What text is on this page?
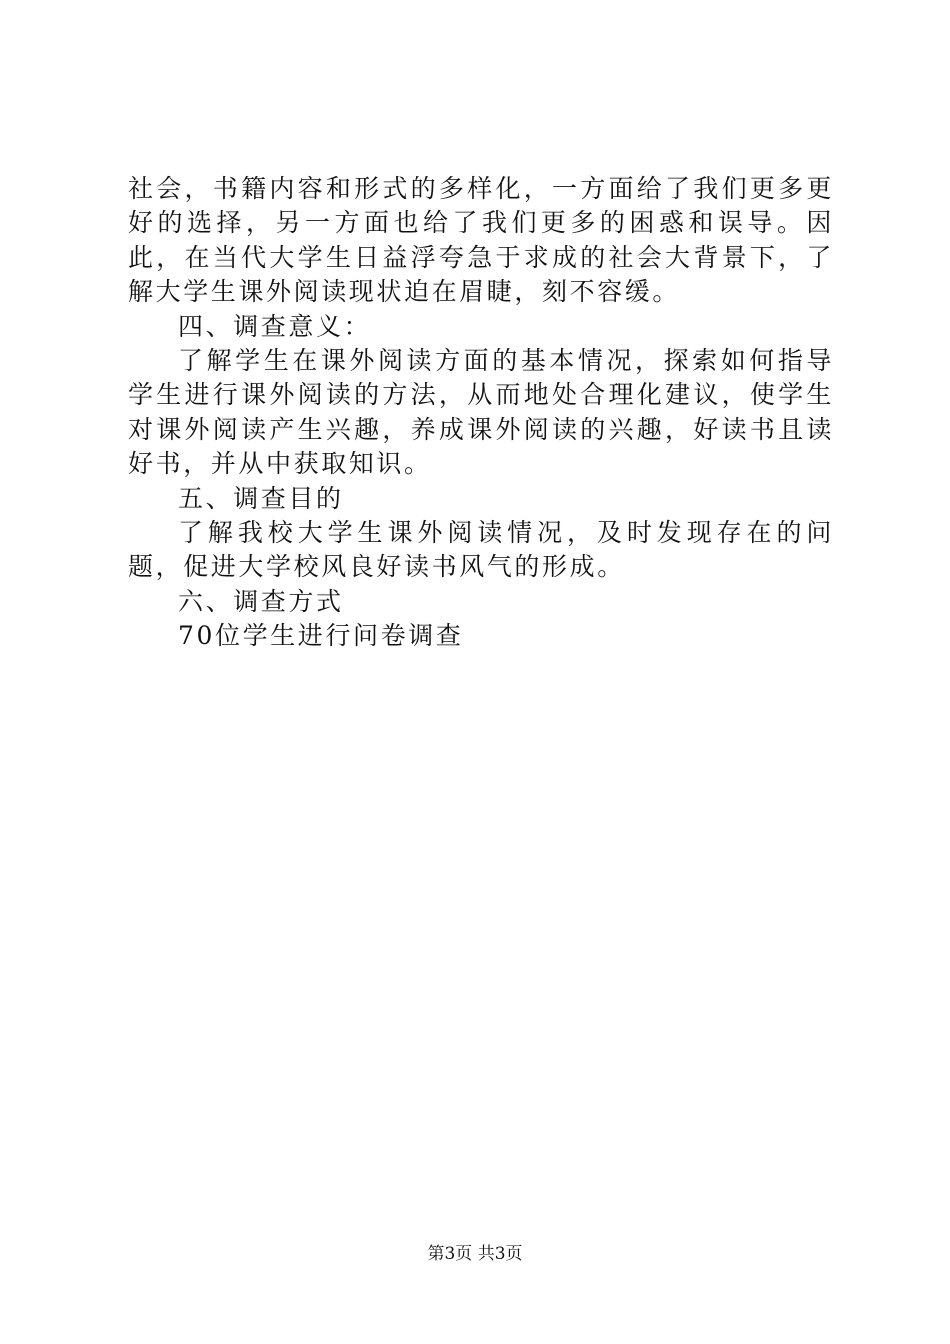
社会，书籍内容和形式的多样化，一方面给了我们更多更好的选择，另一方面也给了我们更多的困惑和误导。因此，在当代大学生日益浮夸急于求成的社会大背景下，了解大学生课外阅读现状迫在眉睫，刻不容缓。

四、调查意义：

了解学生在课外阅读方面的基本情况，探索如何指导学生进行课外阅读的方法，从而地处合理化建议，使学生对课外阅读产生兴趣，养成课外阅读的兴趣，好读书且读好书，并从中获取知识。

五、调查目的

了解我校大学生课外阅读情况，及时发现存在的问题，促进大学校风良好读书风气的形成。

六、调查方式

70位学生进行问卷调查

第3页 共3页
